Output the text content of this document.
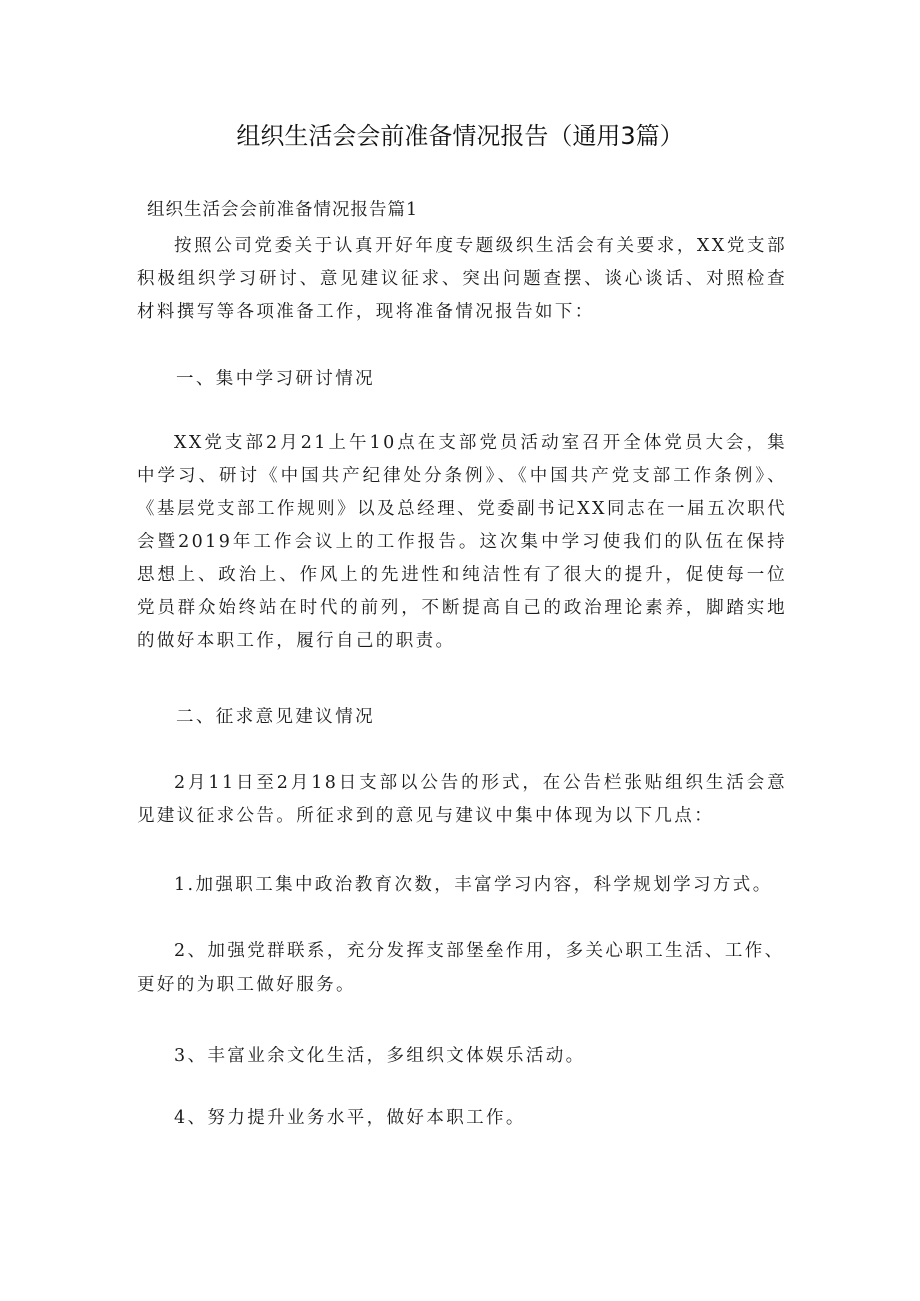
组织生活会会前准备情况报告（通用3篇）
组织生活会会前准备情况报告篇1

按照公司党委关于认真开好年度专题级织生活会有关要求，XX党支部积极组织学习研讨、意见建议征求、突出问题查摆、谈心谈话、对照检查材料撰写等各项准备工作，现将准备情况报告如下：

一、集中学习研讨情况

XX党支部2月21上午10点在支部党员活动室召开全体党员大会，集中学习、研讨《中国共产纪律处分条例》、《中国共产党支部工作条例》、《基层党支部工作规则》以及总经理、党委副书记XX同志在一届五次职代会暨2019年工作会议上的工作报告。这次集中学习使我们的队伍在保持思想上、政治上、作风上的先进性和纯洁性有了很大的提升，促使每一位党员群众始终站在时代的前列，不断提高自己的政治理论素养，脚踏实地的做好本职工作，履行自己的职责。

二、征求意见建议情况

2月11日至2月18日支部以公告的形式，在公告栏张贴组织生活会意见建议征求公告。所征求到的意见与建议中集中体现为以下几点：

1.加强职工集中政治教育次数，丰富学习内容，科学规划学习方式。

2、加强党群联系，充分发挥支部堡垒作用，多关心职工生活、工作、更好的为职工做好服务。

3、丰富业余文化生活，多组织文体娱乐活动。

4、努力提升业务水平，做好本职工作。
